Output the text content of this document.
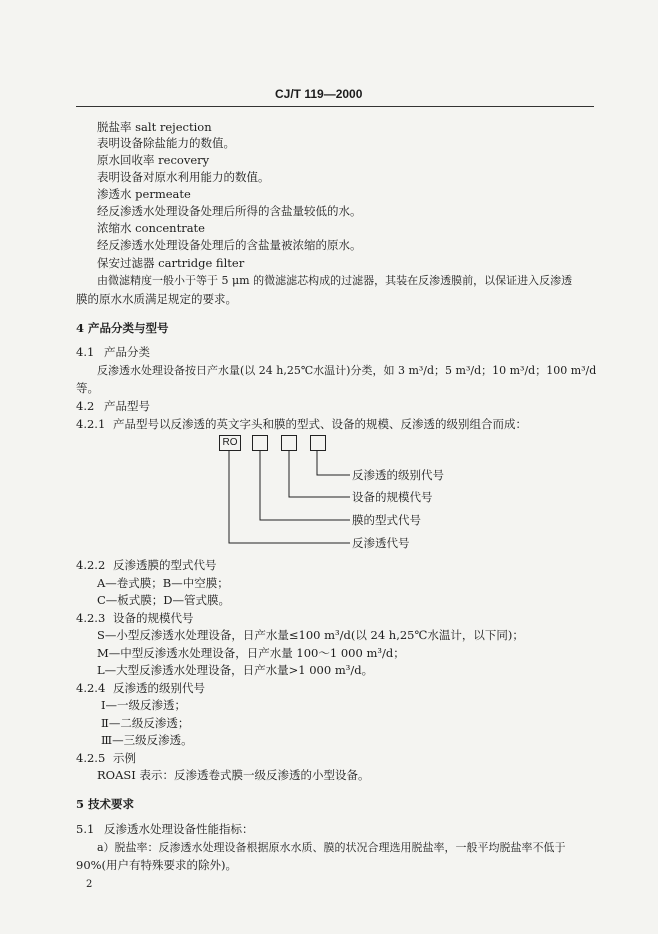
CJ/T 119—2000
脱盐率 salt rejection
表明设备除盐能力的数值。
原水回收率 recovery
表明设备对原水利用能力的数值。
渗透水 permeate
经反渗透水处理设备处理后所得的含盐量较低的水。
浓缩水 concentrate
经反渗透水处理设备处理后的含盐量被浓缩的原水。
保安过滤器 cartridge filter
由微滤精度一般小于等于 5 μm 的微滤滤芯构成的过滤器，其装在反渗透膜前，以保证进入反渗透
膜的原水水质满足规定的要求。
4 产品分类与型号
4.1 产品分类
反渗透水处理设备按日产水量(以 24 h,25℃水温计)分类，如 3 m³/d；5 m³/d；10 m³/d；100 m³/d
等。
4.2 产品型号
4.2.1 产品型号以反渗透的英文字头和膜的型式、设备的规模、反渗透的级别组合而成：
RO
反渗透的级别代号
设备的规模代号
膜的型式代号
反渗透代号
4.2.2 反渗透膜的型式代号
A—卷式膜；B—中空膜；
C—板式膜；D—管式膜。
4.2.3 设备的规模代号
S—小型反渗透水处理设备，日产水量≤100 m³/d(以 24 h,25℃水温计，以下同)；
M—中型反渗透水处理设备，日产水量 100～1 000 m³/d；
L—大型反渗透水处理设备，日产水量>1 000 m³/d。
4.2.4 反渗透的级别代号
Ⅰ—一级反渗透；
Ⅱ—二级反渗透；
Ⅲ—三级反渗透。
4.2.5 示例
ROASI 表示：反渗透卷式膜一级反渗透的小型设备。
5 技术要求
5.1 反渗透水处理设备性能指标：
a）脱盐率：反渗透水处理设备根据原水水质、膜的状况合理选用脱盐率，一般平均脱盐率不低于
90%(用户有特殊要求的除外)。
2
